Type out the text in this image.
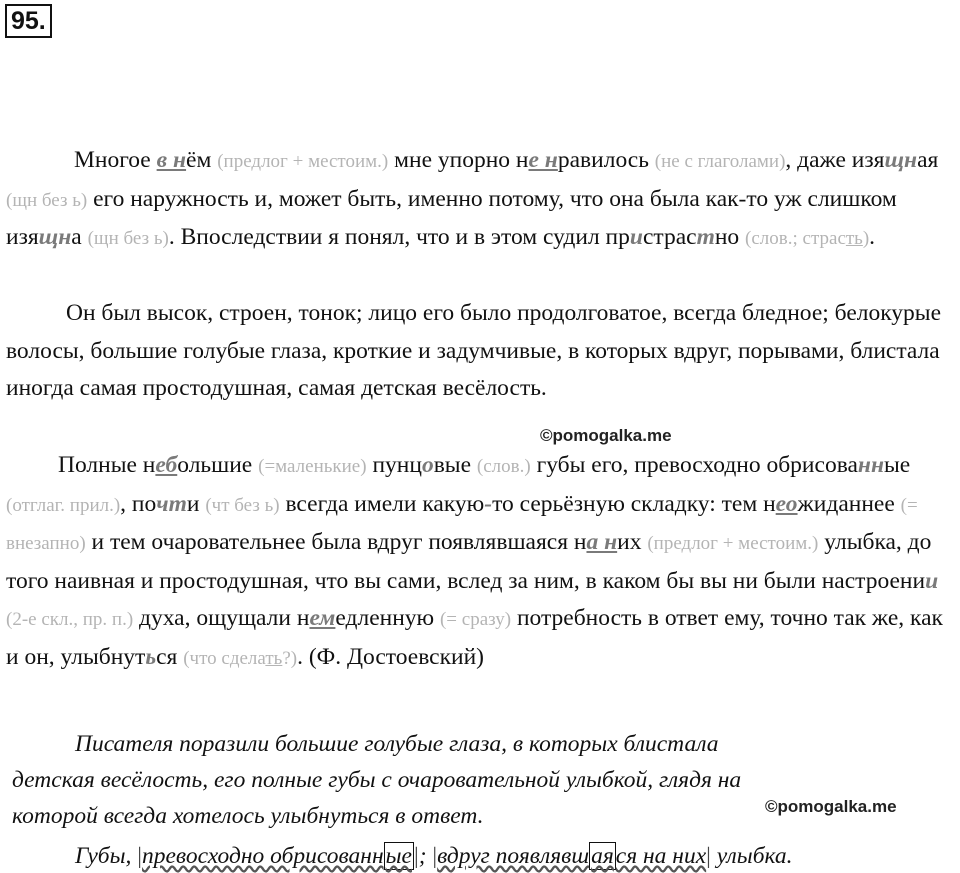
95.
Многое в нём (предлог + местоим.) мне упорно не нравилось (не с глаголами), даже изящная (щн без ь) его наружность и, может быть, именно потому, что она была как-то уж слишком изящна (щн без ь). Впоследствии я понял, что и в этом судил пристрастно (слов.; страсть).
Он был высок, строен, тонок; лицо его было продолговатое, всегда бледное; белокурые волосы, большие голубые глаза, кроткие и задумчивые, в которых вдруг, порывами, блистала иногда самая простодушная, самая детская весёлость.
©pomogalka.me
Полные небольшие (=маленькие) пунцовые (слов.) губы его, превосходно обрисованные (отглаг. прил.), почти (чт без ь) всегда имели какую-то серьёзную складку: тем неожиданнее (= внезапно) и тем очаровательнее была вдруг появлявшаяся на них (предлог + местоим.) улыбка, до того наивная и простодушная, что вы сами, вслед за ним, в каком бы вы ни были настроении (2-е скл., пр. п.) духа, ощущали немедленную (= сразу) потребность в ответ ему, точно так же, как и он, улыбнуться (что сделать?). (Ф. Достоевский)
Писателя поразили большие голубые глаза, в которых блистала
детская весёлость, его полные губы с очаровательной улыбкой, глядя на
которой всегда хотелось улыбнуться в ответ.	©pomogalka.me
Губы, |превосходно обрисованные|; |вдруг появлявшаяся на них| улыбка.
